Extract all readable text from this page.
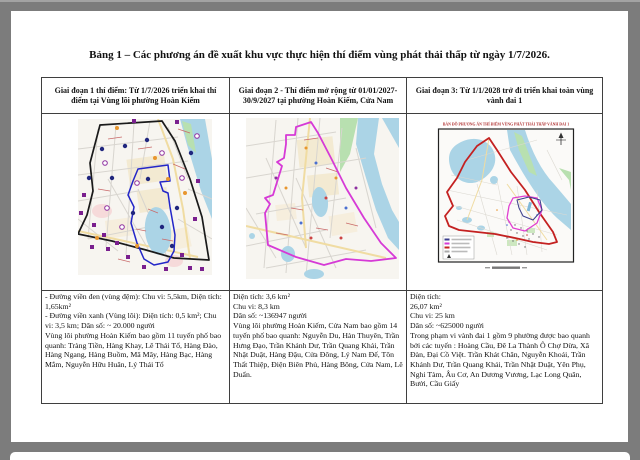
Bảng 1 – Các phương án đề xuất khu vực thực hiện thí điểm vùng phát thải thấp từ ngày 1/7/2026.
Giai đoạn 1 thí điểm: Từ 1/7/2026 triển khai thí điểm tại Vùng lõi phường Hoàn Kiếm
Giai đoạn 2 - Thí điểm mở rộng từ 01/01/2027-30/9/2027 tại phường Hoàn Kiếm, Cửa Nam
Giai đoạn 3: Từ 1/1/2028 trở đi triển khai toàn vùng vành đai 1
BẢN ĐỒ PHƯƠNG ÁN THÍ ĐIỂM VÙNG PHÁT THẢI THẤP VÀNH ĐAI 1

- Đường viền đen (vùng đệm): Chu vi: 5,5km, Diện tích: 1,65km²

- Đường viền xanh (Vùng lõi): Diện tích: 0,5 km²; Chu vi: 3,5 km; Dân số: ~ 20.000 người

Vùng lõi phường Hoàn Kiếm bao gồm 11 tuyến phố bao quanh: Tràng Tiền, Hàng Khay, Lê Thái Tổ, Hàng Đào, Hàng Ngang, Hàng Buồm, Mã Mây, Hàng Bạc, Hàng Mắm, Nguyễn Hữu Huân, Lý Thái Tổ

Diện tích: 3,6 km²

Chu vi: 8,3 km

Dân số: ~136947 người

Vùng lõi phường Hoàn Kiếm, Cửa Nam bao gồm 14 tuyến phố bao quanh: Nguyễn Du, Hàn Thuyên, Trần Hưng Đạo, Trần Khánh Dư, Trần Quang Khải, Trần Nhật Duật, Hàng Đậu, Cửa Đông, Lý Nam Đế, Tôn Thất Thiệp, Điện Biên Phủ, Hàng Bông, Cửa Nam, Lê Duẩn.

Diện tích:

26,07 km²

Chu vi: 25 km

Dân số: ~625000 người

Trong phạm vi vành đai 1 gồm 9 phường được bao quanh bởi các tuyến : Hoàng Cầu, Đê La Thành Ô Chợ Dừa, Xã Đàn, Đại Cồ Việt. Trần Khát Chân, Nguyễn Khoái, Trần Khánh Dư, Trần Quang Khải, Trần Nhật Duật, Yên Phụ, Nghi Tàm, Âu Cơ, An Dương Vương, Lạc Long Quân, Bưởi, Cầu Giấy
